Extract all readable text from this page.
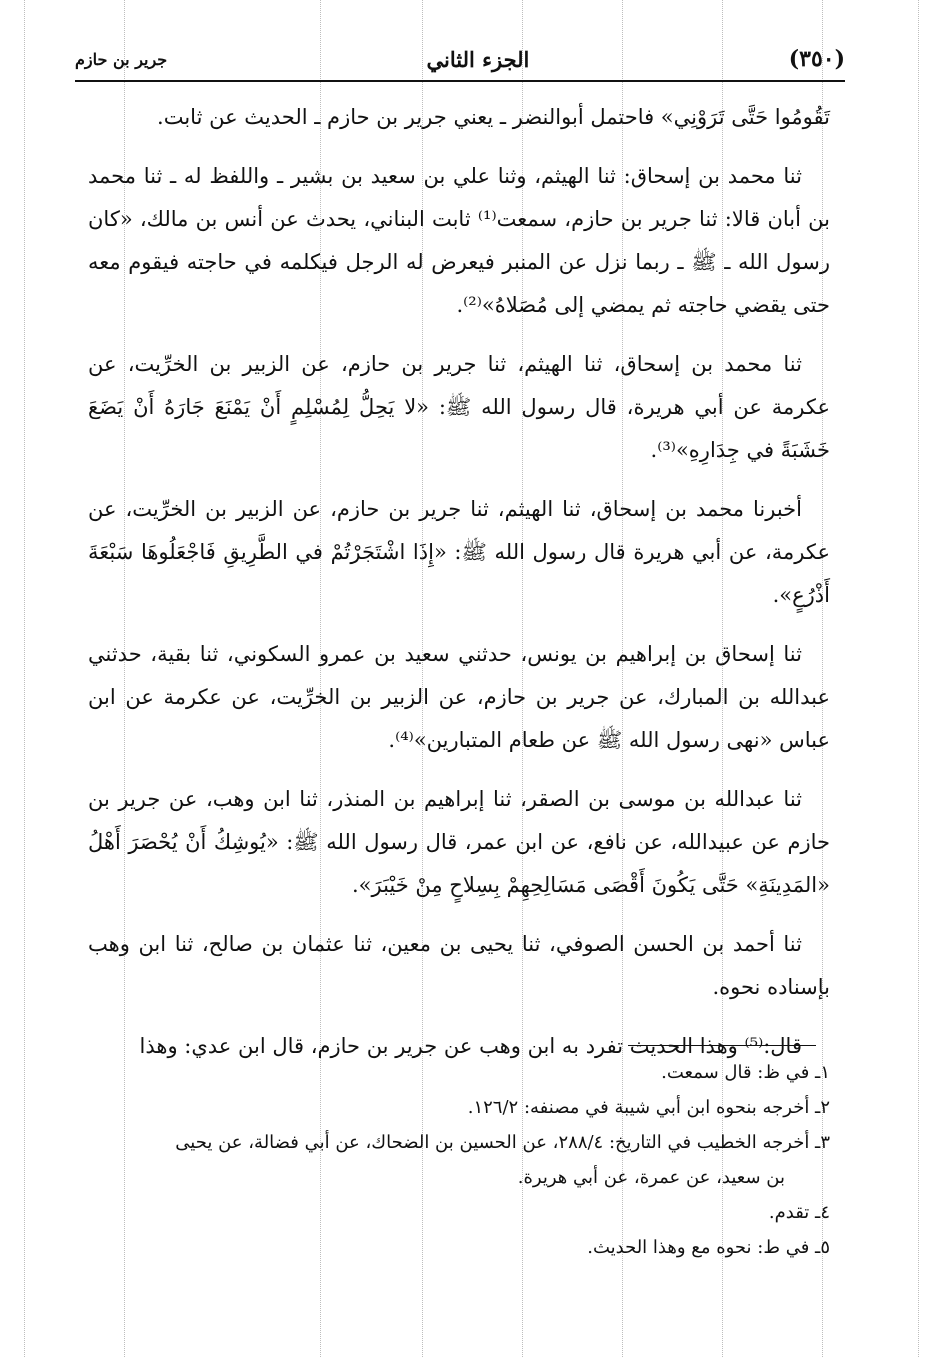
(٣٥٠)
الجزء الثاني
جرير بن حازم

تَقُومُوا حَتَّى تَرَوْنِي» فاحتمل أبوالنضر ـ يعني جرير بن حازم ـ الحديث عن ثابت.

ثنا محمد بن إسحاق: ثنا الهيثم، وثنا علي بن سعيد بن بشير ـ واللفظ له ـ ثنا محمد بن أبان قالا: ثنا جرير بن حازم، سمعت⁽¹⁾ ثابت البناني، يحدث عن أنس بن مالك، «كان رسول الله ـ ﷺ ـ ربما نزل عن المنبر فيعرض له الرجل فيكلمه في حاجته فيقوم معه حتى يقضي حاجته ثم يمضي إلى مُصَلاهُ»⁽²⁾.

ثنا محمد بن إسحاق، ثنا الهيثم، ثنا جرير بن حازم، عن الزبير بن الخرِّيت، عن عكرمة عن أبي هريرة، قال رسول الله ﷺ: «لا يَحِلُّ لِمُسْلِمٍ أَنْ يَمْنَعَ جَارَهُ أَنْ يَضَعَ خَشَبَةً في جِدَارِهِ»⁽³⁾.

أخبرنا محمد بن إسحاق، ثنا الهيثم، ثنا جرير بن حازم، عن الزبير بن الخرِّيت، عن عكرمة، عن أبي هريرة قال رسول الله ﷺ: «إِذَا اشْتَجَرْتُمْ في الطَّرِيقِ فَاجْعَلُوهَا سَبْعَةَ أَذْرُعٍ».

ثنا إسحاق بن إبراهيم بن يونس، حدثني سعيد بن عمرو السكوني، ثنا بقية، حدثني عبدالله بن المبارك، عن جرير بن حازم، عن الزبير بن الخرِّيت، عن عكرمة عن ابن عباس «نهى رسول الله ﷺ عن طعام المتبارين»⁽⁴⁾.

ثنا عبدالله بن موسى بن الصقر، ثنا إبراهيم بن المنذر، ثنا ابن وهب، عن جرير بن حازم عن عبيدالله، عن نافع، عن ابن عمر، قال رسول الله ﷺ: «يُوشِكُ أَنْ يُحْصَرَ أَهْلُ «المَدِينَةِ» حَتَّى يَكُونَ أَقْصَى مَسَالِحِهِمْ بِسِلاحٍ مِنْ خَيْبَرَ».

ثنا أحمد بن الحسن الصوفي، ثنا يحيى بن معين، ثنا عثمان بن صالح، ثنا ابن وهب بإسناده نحوه.

قال:⁽⁵⁾ وهذا الحديث تفرد به ابن وهب عن جرير بن حازم، قال ابن عدي: وهذا

١ـ في ظ: قال سمعت.
٢ـ أخرجه بنحوه ابن أبي شيبة في مصنفه: ١٢٦/٢.
٣ـ أخرجه الخطيب في التاريخ: ٢٨٨/٤، عن الحسين بن الضحاك، عن أبي فضالة، عن يحيى
بن سعيد، عن عمرة، عن أبي هريرة.
٤ـ تقدم.
٥ـ في ط: نحوه مع وهذا الحديث.
